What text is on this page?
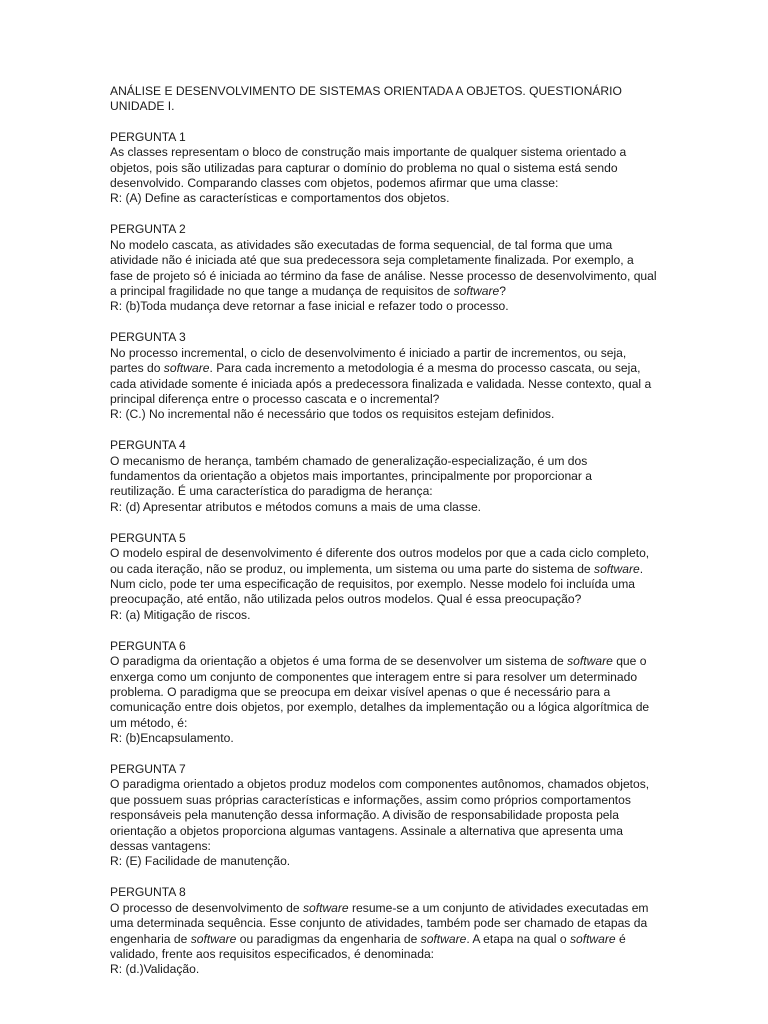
ANÁLISE E DESENVOLVIMENTO DE SISTEMAS ORIENTADA A OBJETOS. QUESTIONÁRIO UNIDADE I.
PERGUNTA 1
As classes representam o bloco de construção mais importante de qualquer sistema orientado a objetos, pois são utilizadas para capturar o domínio do problema no qual o sistema está sendo desenvolvido. Comparando classes com objetos, podemos afirmar que uma classe:
R: (A) Define as características e comportamentos dos objetos.
PERGUNTA 2
No modelo cascata, as atividades são executadas de forma sequencial, de tal forma que uma atividade não é iniciada até que sua predecessora seja completamente finalizada. Por exemplo, a fase de projeto só é iniciada ao término da fase de análise. Nesse processo de desenvolvimento, qual a principal fragilidade no que tange a mudança de requisitos de software?
R: (b)Toda mudança deve retornar a fase inicial e refazer todo o processo.
PERGUNTA 3
No processo incremental, o ciclo de desenvolvimento é iniciado a partir de incrementos, ou seja, partes do software. Para cada incremento a metodologia é a mesma do processo cascata, ou seja, cada atividade somente é iniciada após a predecessora finalizada e validada. Nesse contexto, qual a principal diferença entre o processo cascata e o incremental?
R: (C.) No incremental não é necessário que todos os requisitos estejam definidos.
PERGUNTA 4
O mecanismo de herança, também chamado de generalização-especialização, é um dos fundamentos da orientação a objetos mais importantes, principalmente por proporcionar a reutilização. É uma característica do paradigma de herança:
R: (d) Apresentar atributos e métodos comuns a mais de uma classe.
PERGUNTA 5
O modelo espiral de desenvolvimento é diferente dos outros modelos por que a cada ciclo completo, ou cada iteração, não se produz, ou implementa, um sistema ou uma parte do sistema de software. Num ciclo, pode ter uma especificação de requisitos, por exemplo. Nesse modelo foi incluída uma preocupação, até então, não utilizada pelos outros modelos. Qual é essa preocupação?
R: (a) Mitigação de riscos.
PERGUNTA 6
O paradigma da orientação a objetos é uma forma de se desenvolver um sistema de software que o enxerga como um conjunto de componentes que interagem entre si para resolver um determinado problema. O paradigma que se preocupa em deixar visível apenas o que é necessário para a comunicação entre dois objetos, por exemplo, detalhes da implementação ou a lógica algorítmica de um método, é:
R: (b)Encapsulamento.
PERGUNTA 7
O paradigma orientado a objetos produz modelos com componentes autônomos, chamados objetos, que possuem suas próprias características e informações, assim como próprios comportamentos responsáveis pela manutenção dessa informação. A divisão de responsabilidade proposta pela orientação a objetos proporciona algumas vantagens. Assinale a alternativa que apresenta uma dessas vantagens:
R: (E) Facilidade de manutenção.
PERGUNTA 8
O processo de desenvolvimento de software resume-se a um conjunto de atividades executadas em uma determinada sequência. Esse conjunto de atividades, também pode ser chamado de etapas da engenharia de software ou paradigmas da engenharia de software. A etapa na qual o software é validado, frente aos requisitos especificados, é denominada:
R: (d.)Validação.
